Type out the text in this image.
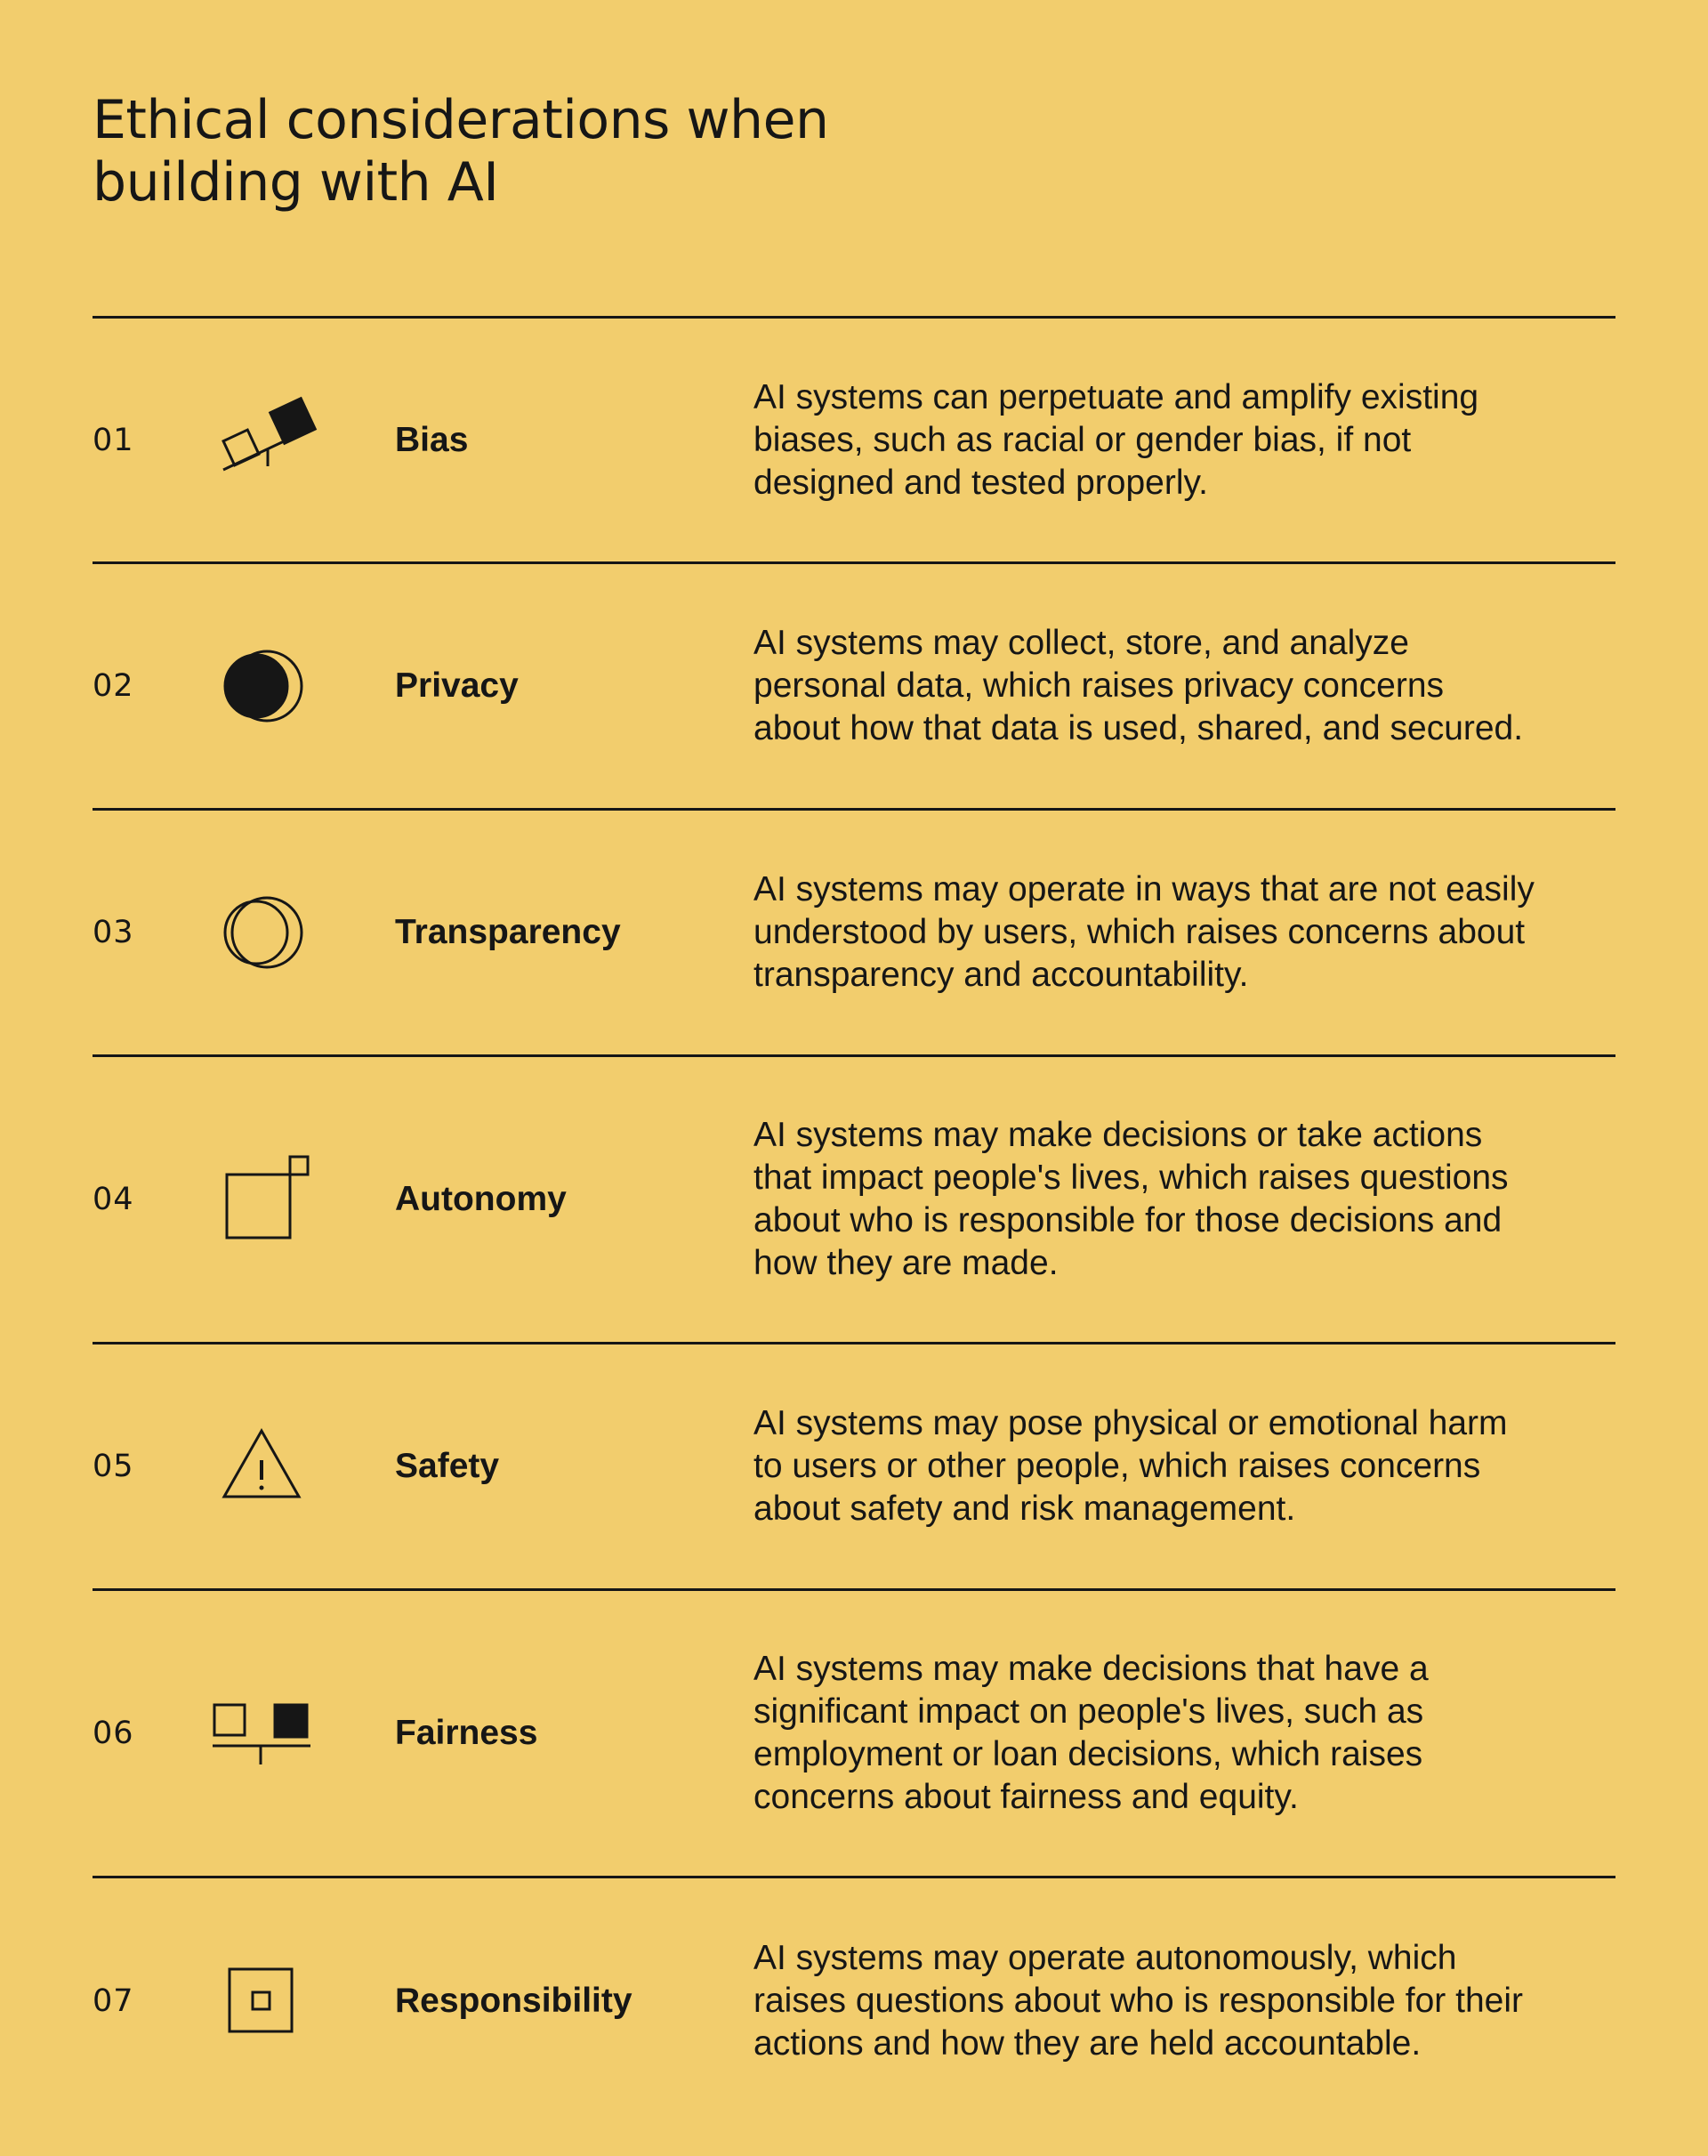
Ethical considerations when
building with AI
01	Bias

AI systems can perpetuate and amplify existing
biases, such as racial or gender bias, if not
designed and tested properly.

02	Privacy

AI systems may collect, store, and analyze
personal data, which raises privacy concerns
about how that data is used, shared, and secured.

03	Transparency

AI systems may operate in ways that are not easily
understood by users, which raises concerns about
transparency and accountability.

04	Autonomy

AI systems may make decisions or take actions
that impact people's lives, which raises questions
about who is responsible for those decisions and
how they are made.

05	Safety

AI systems may pose physical or emotional harm
to users or other people, which raises concerns
about safety and risk management.

06	Fairness

AI systems may make decisions that have a
significant impact on people's lives, such as
employment or loan decisions, which raises
concerns about fairness and equity.

07	Responsibility

AI systems may operate autonomously, which
raises questions about who is responsible for their
actions and how they are held accountable.
